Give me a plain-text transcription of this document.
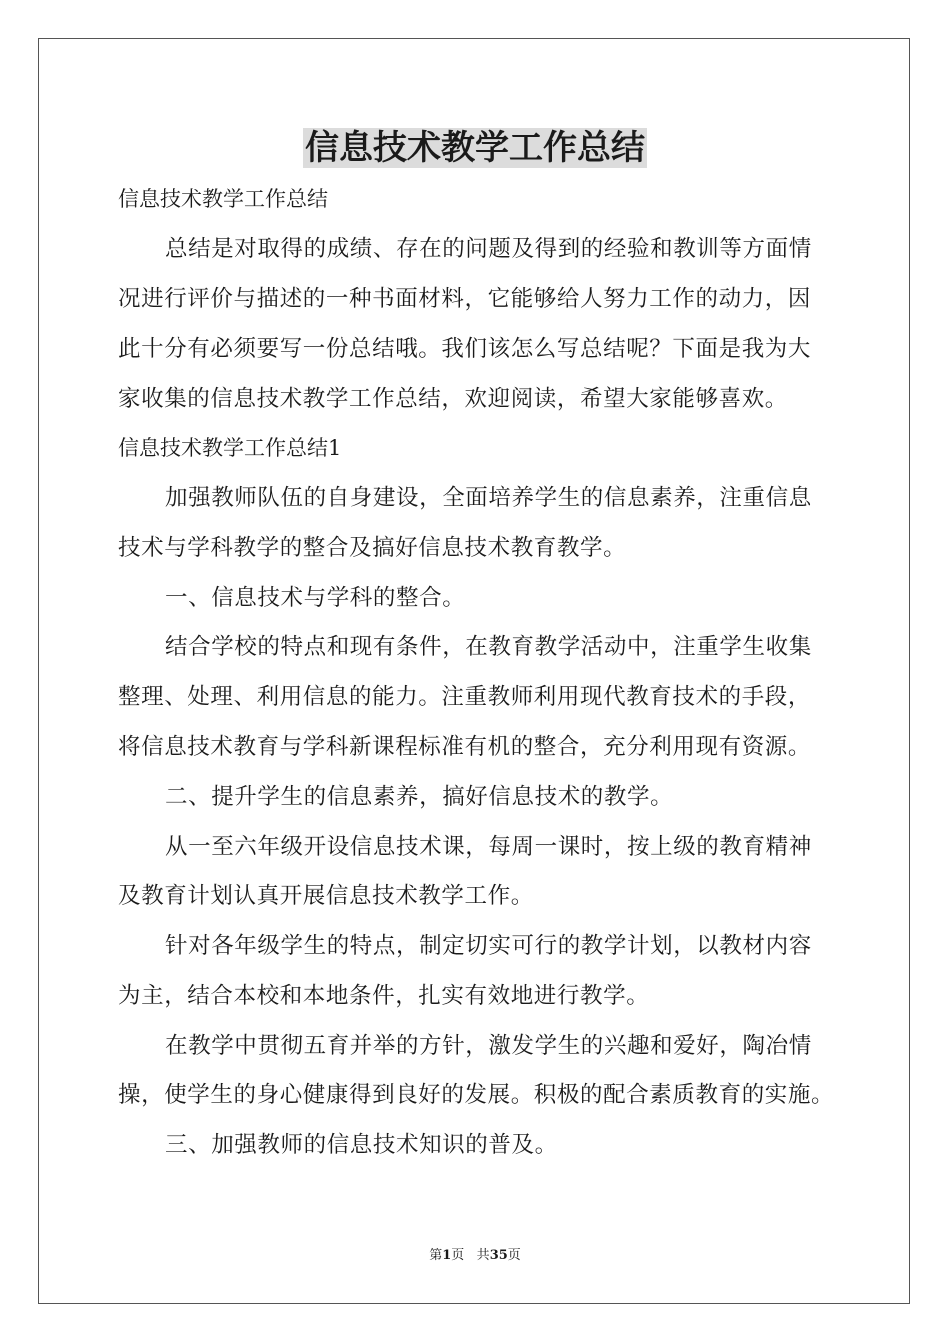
信息技术教学工作总结

信息技术教学工作总结

总结是对取得的成绩、存在的问题及得到的经验和教训等方面情

况进行评价与描述的一种书面材料，它能够给人努力工作的动力，因

此十分有必须要写一份总结哦。我们该怎么写总结呢？下面是我为大

家收集的信息技术教学工作总结，欢迎阅读，希望大家能够喜欢。

信息技术教学工作总结1

加强教师队伍的自身建设，全面培养学生的信息素养，注重信息

技术与学科教学的整合及搞好信息技术教育教学。

一、信息技术与学科的整合。

结合学校的特点和现有条件，在教育教学活动中，注重学生收集

整理、处理、利用信息的能力。注重教师利用现代教育技术的手段，

将信息技术教育与学科新课程标准有机的整合，充分利用现有资源。

二、提升学生的信息素养，搞好信息技术的教学。

从一至六年级开设信息技术课，每周一课时，按上级的教育精神

及教育计划认真开展信息技术教学工作。

针对各年级学生的特点，制定切实可行的教学计划，以教材内容

为主，结合本校和本地条件，扎实有效地进行教学。

在教学中贯彻五育并举的方针，激发学生的兴趣和爱好，陶冶情

操，使学生的身心健康得到良好的发展。积极的配合素质教育的实施。

三、加强教师的信息技术知识的普及。

第1页 共35页
